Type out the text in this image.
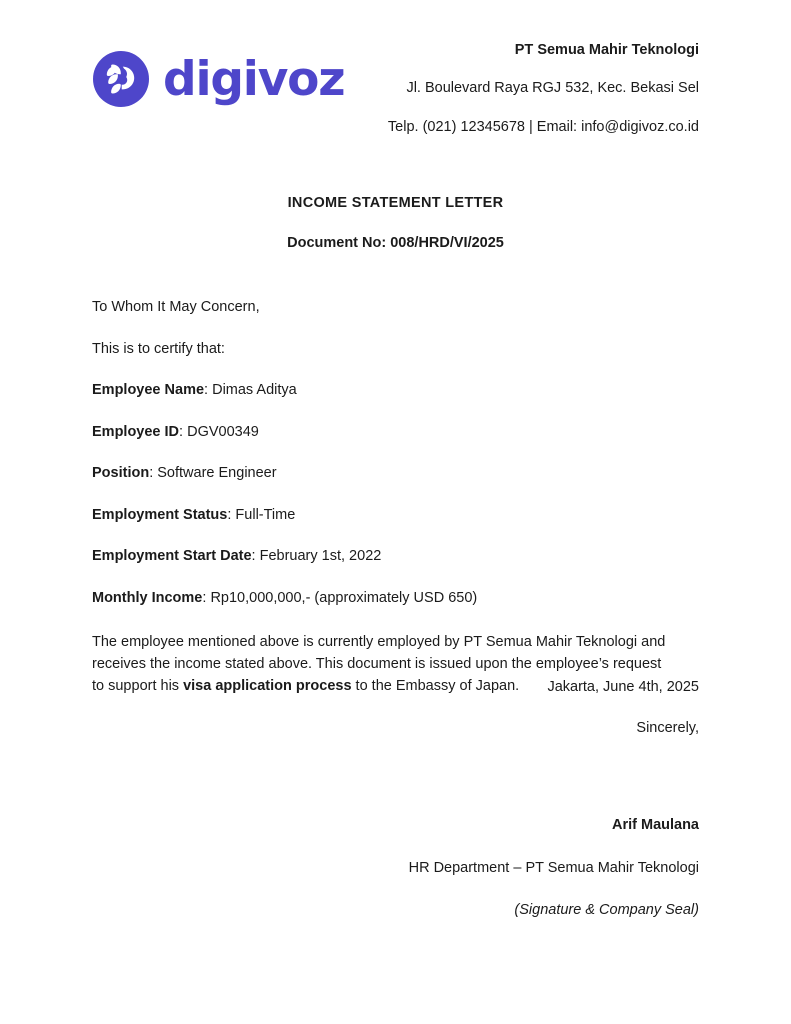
digivoz
PT Semua Mahir Teknologi
Jl. Boulevard Raya RGJ 532, Kec. Bekasi Sel
Telp. (021) 12345678 | Email: info@digivoz.co.id
INCOME STATEMENT LETTER
Document No: 008/HRD/VI/2025
To Whom It May Concern,
This is to certify that:
Employee Name: Dimas Aditya
Employee ID: DGV00349
Position: Software Engineer
Employment Status: Full-Time
Employment Start Date: February 1st, 2022
Monthly Income: Rp10,000,000,- (approximately USD 650)
The employee mentioned above is currently employed by PT Semua Mahir Teknologi and receives the income stated above. This document is issued upon the employee’s request to support his visa application process to the Embassy of Japan.	Jakarta, June 4th, 2025
Sincerely,
Arif Maulana
HR Department – PT Semua Mahir Teknologi
(Signature & Company Seal)
